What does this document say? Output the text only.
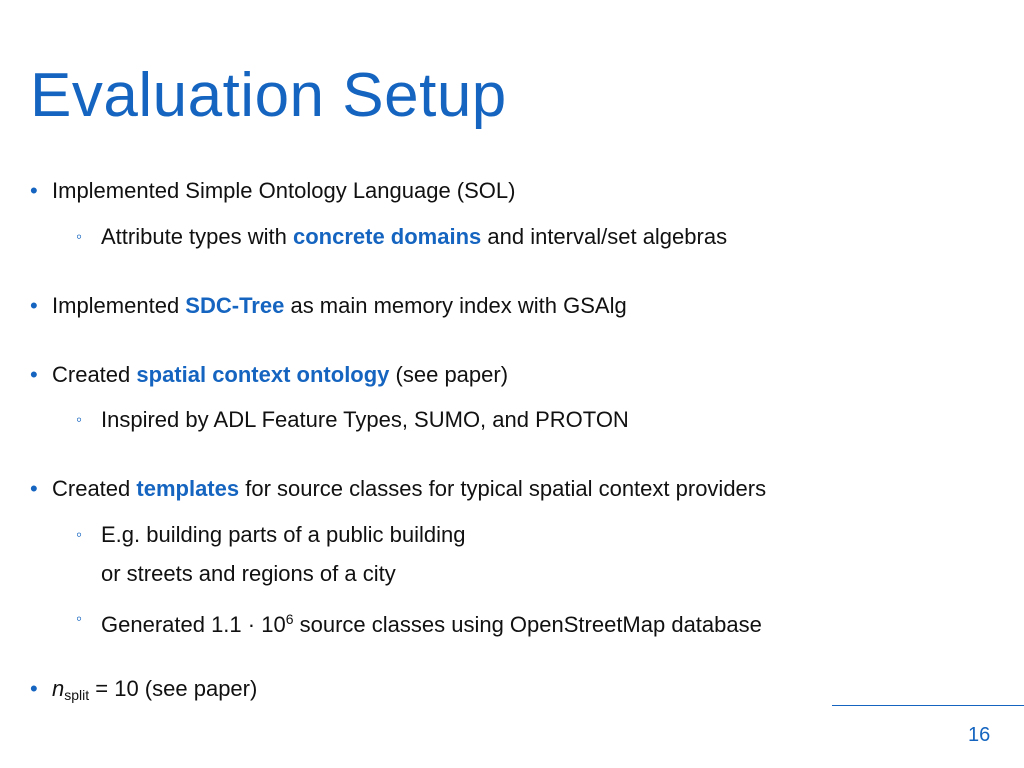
Evaluation Setup
• Implemented Simple Ontology Language (SOL)
◦ Attribute types with concrete domains and interval/set algebras
• Implemented SDC-Tree as main memory index with GSAlg
• Created spatial context ontology (see paper)
◦ Inspired by ADL Feature Types, SUMO, and PROTON
• Created templates for source classes for typical spatial context providers
◦ E.g. building parts of a public building
or streets and regions of a city
◦ Generated $1.1 \cdot 10^6$ source classes using OpenStreetMap database
• $n_{split} = 10$ (see paper)
16
